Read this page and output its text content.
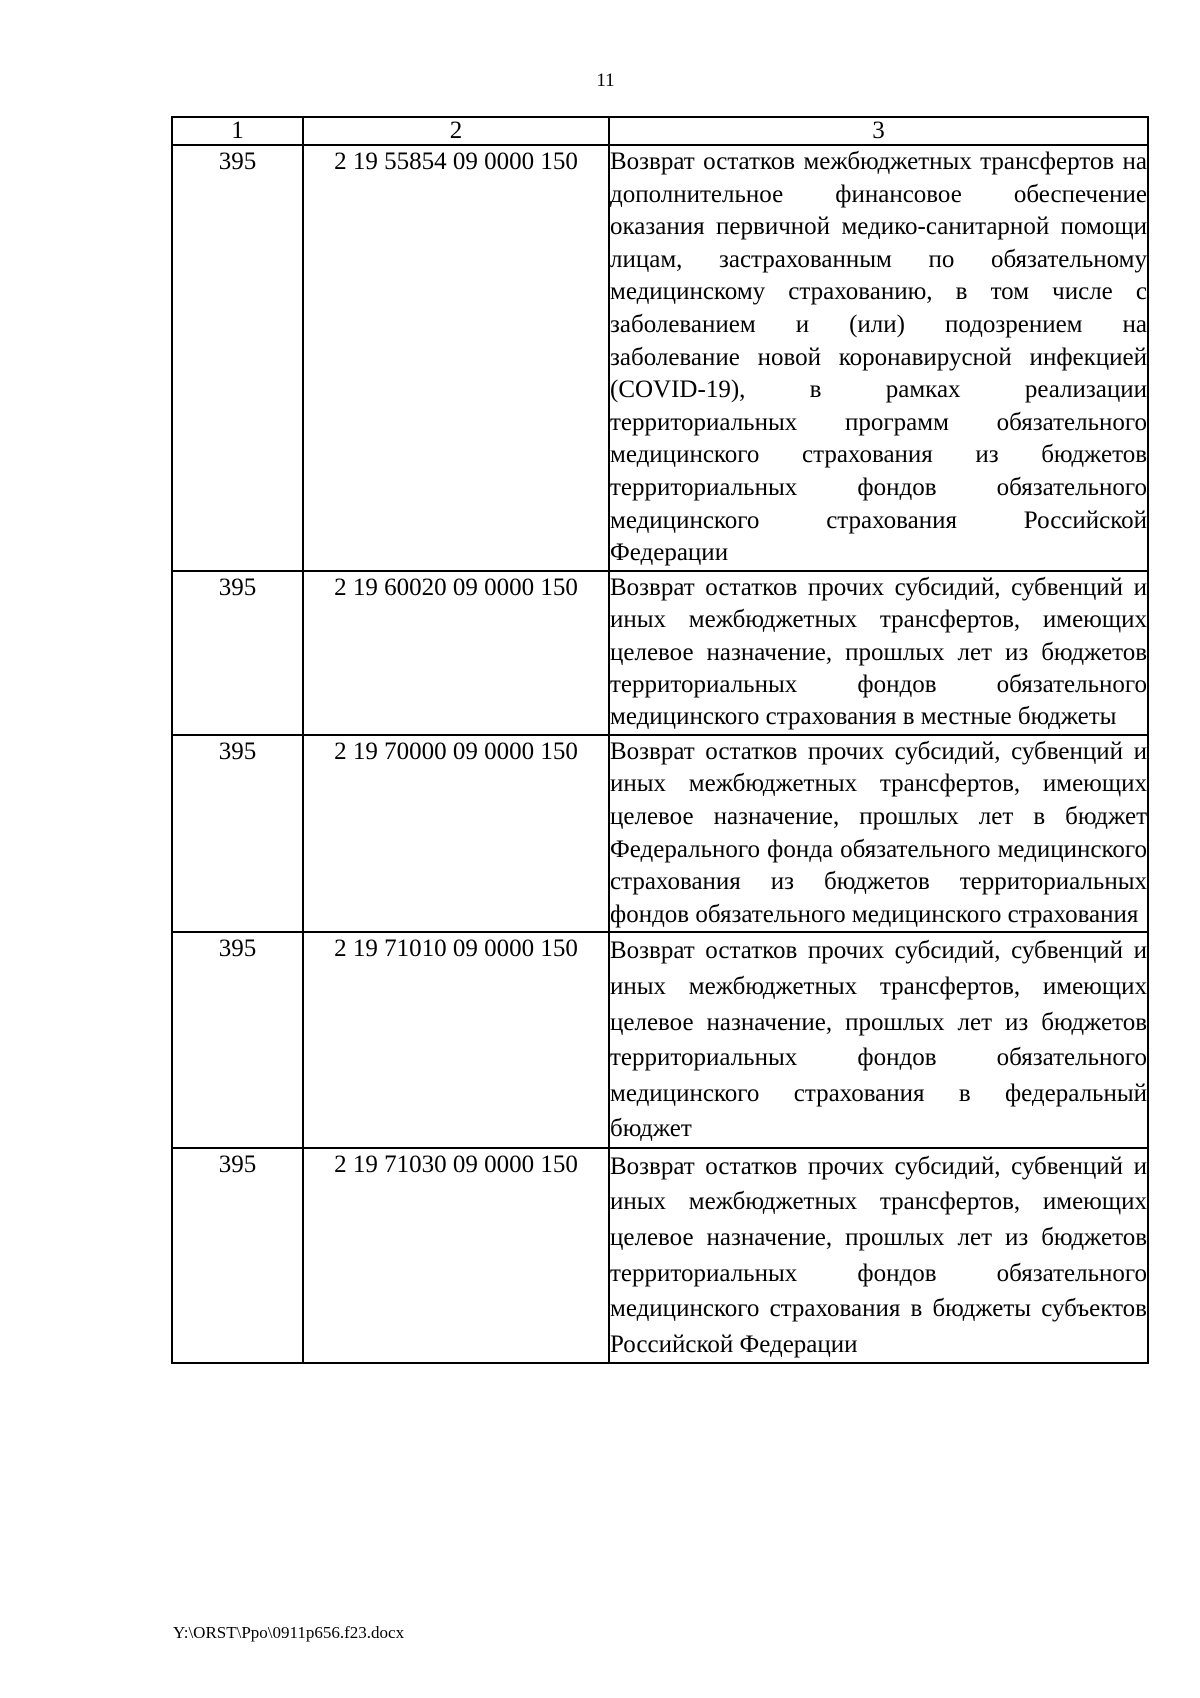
11
1	2	3
395	2 19 55854 09 0000 150	Возврат остатков межбюджетных трансфертов на дополнительное финансовое обеспечение оказания первичной медико-санитарной помощи лицам, застрахованным по обязательному медицинскому страхованию, в том числе с заболеванием и (или) подозрением на заболевание новой коронавирусной инфекцией (COVID-19), в рамках реализации территориальных программ обязательного медицинского страхования из бюджетов территориальных фондов обязательного медицинского страхования Российской Федерации
395	2 19 60020 09 0000 150	Возврат остатков прочих субсидий, субвенций и иных межбюджетных трансфертов, имеющих целевое назначение, прошлых лет из бюджетов территориальных фондов обязательного медицинского страхования в местные бюджеты
395	2 19 70000 09 0000 150	Возврат остатков прочих субсидий, субвенций и иных межбюджетных трансфертов, имеющих целевое назначение, прошлых лет в бюджет Федерального фонда обязательного медицинского страхования из бюджетов территориальных фондов обязательного медицинского страхования
395	2 19 71010 09 0000 150	Возврат остатков прочих субсидий, субвенций и иных межбюджетных трансфертов, имеющих целевое назначение, прошлых лет из бюджетов территориальных фондов обязательного медицинского страхования в федеральный бюджет
395	2 19 71030 09 0000 150	Возврат остатков прочих субсидий, субвенций и иных межбюджетных трансфертов, имеющих целевое назначение, прошлых лет из бюджетов территориальных фондов обязательного медицинского страхования в бюджеты субъектов Российской Федерации
Y:\ORST\Ppo\0911p656.f23.docx
